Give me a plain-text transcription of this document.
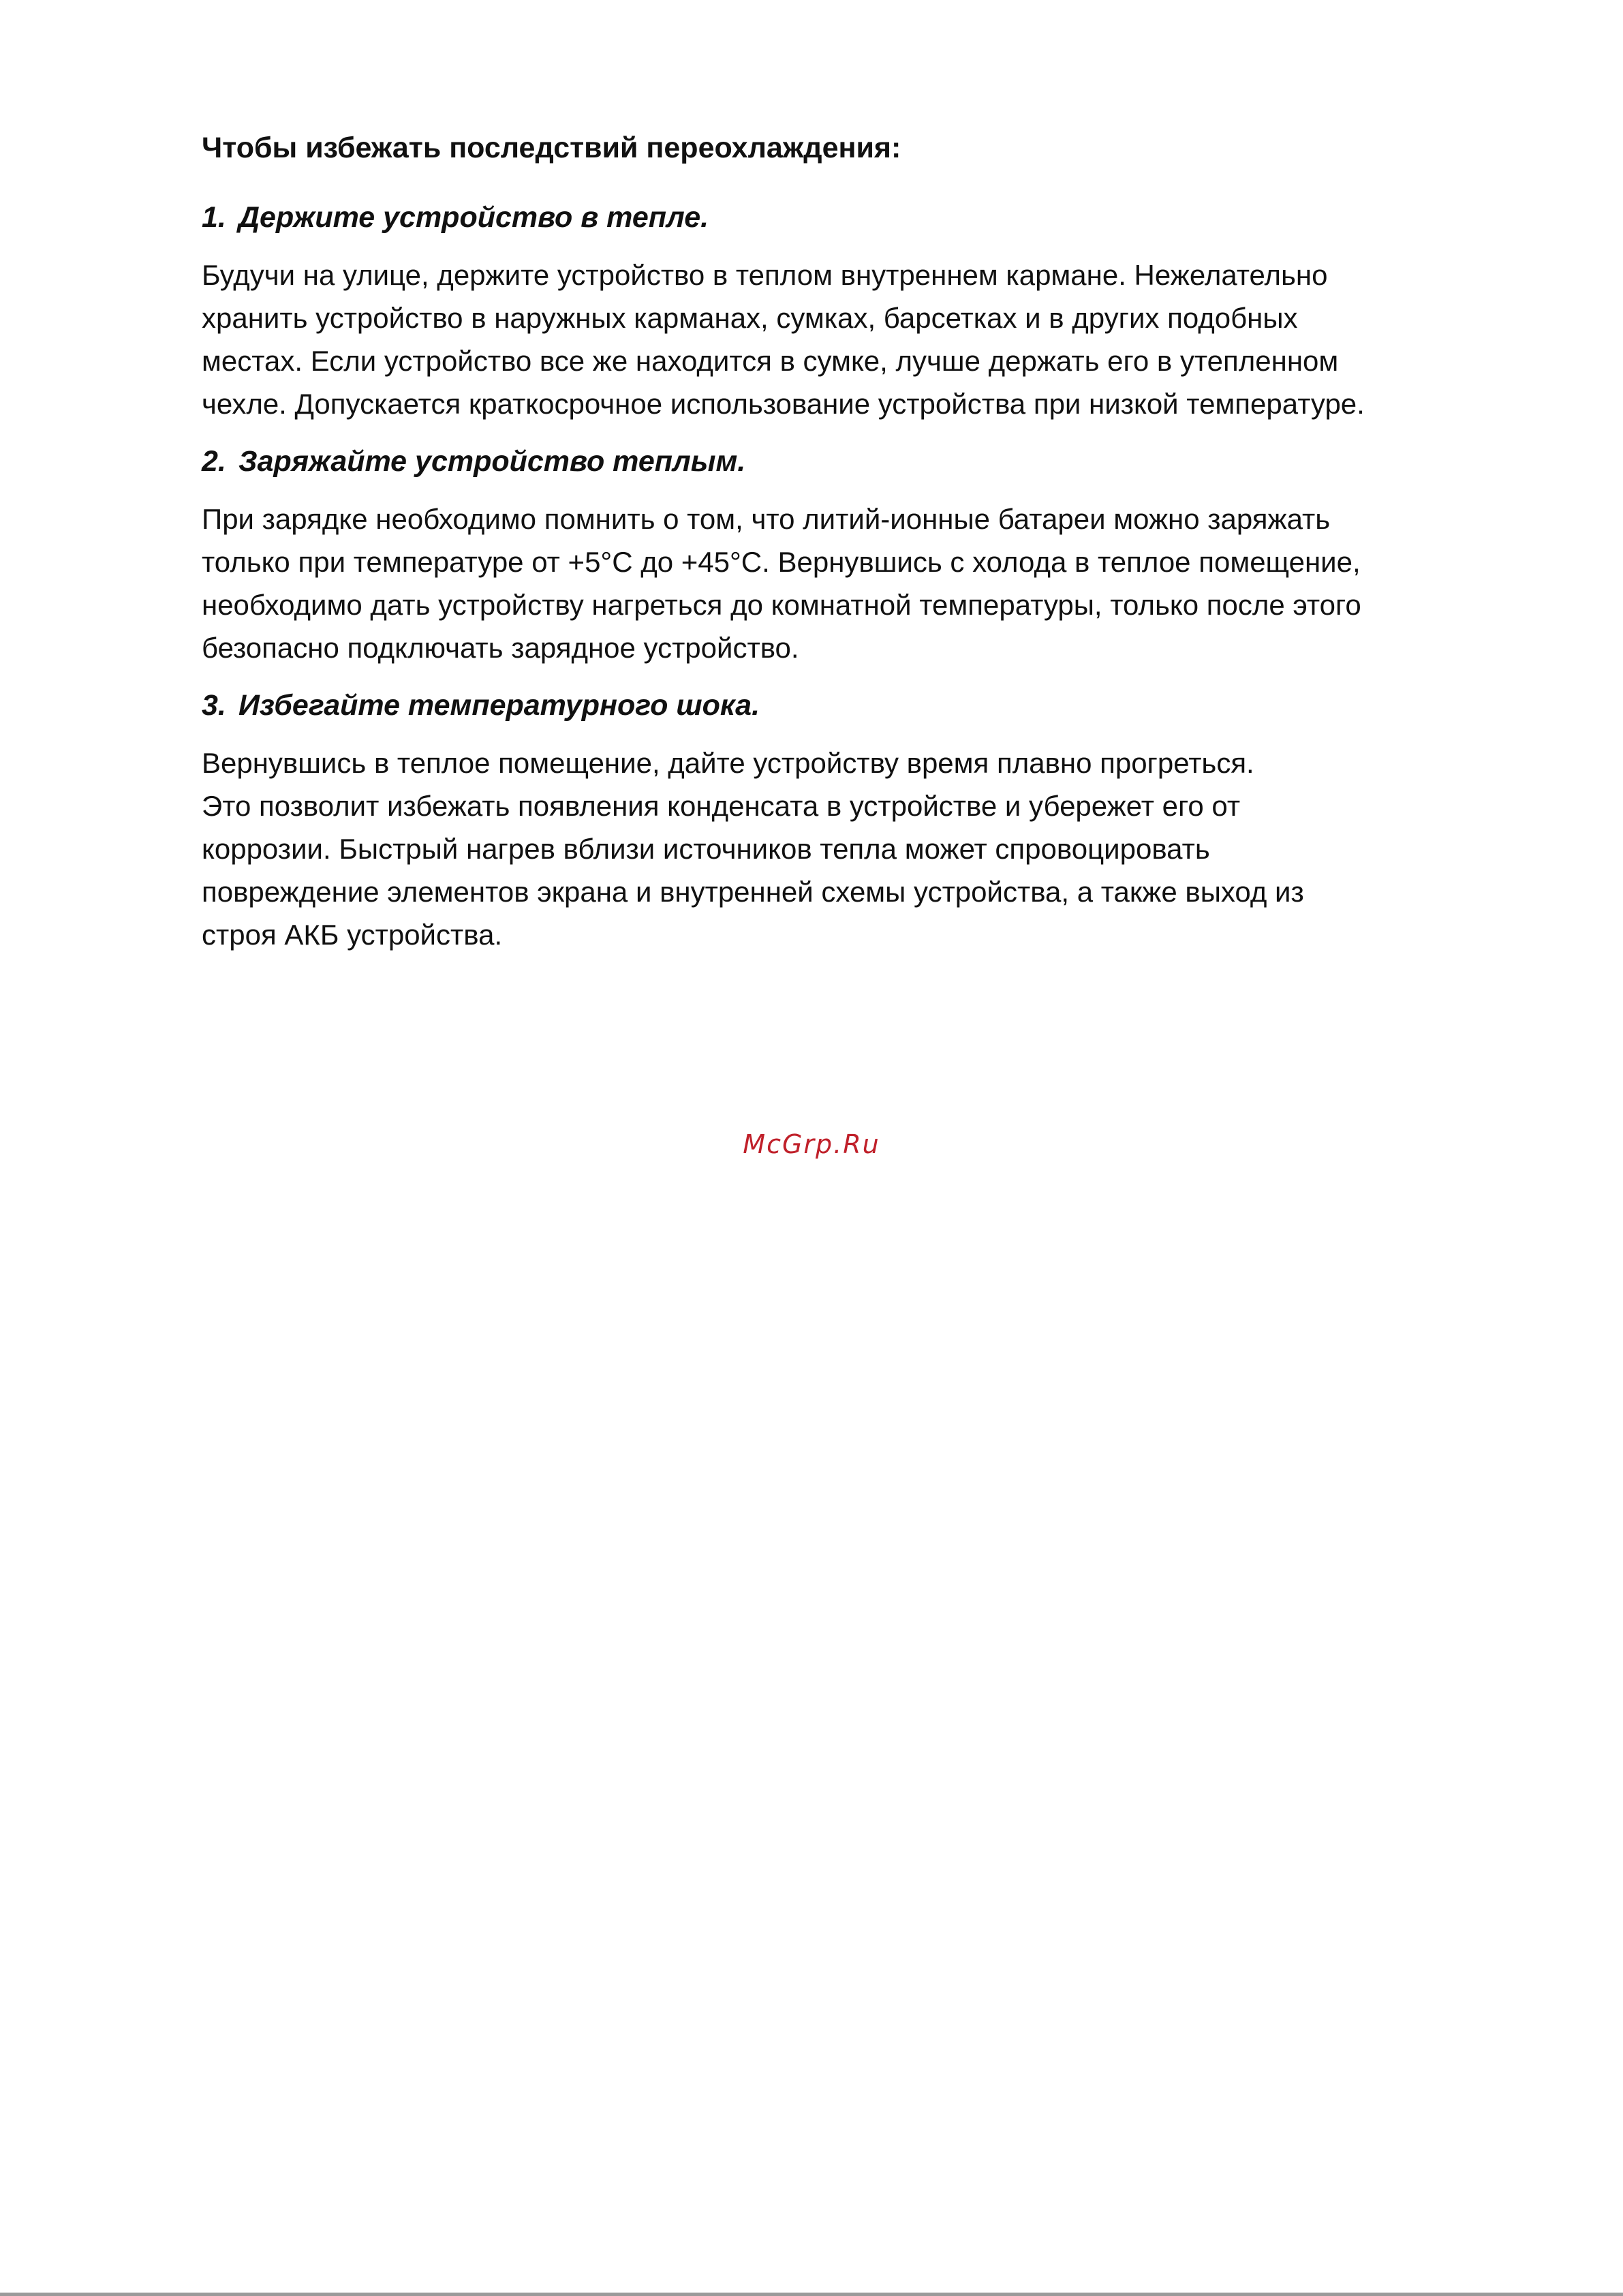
Чтобы избежать последствий переохлаждения:
1. Держите устройство в тепле.
Будучи на улице, держите устройство в теплом внутреннем кармане. Нежелательно
хранить устройство в наружных карманах, сумках, барсетках и в других подобных
местах. Если устройство все же находится в сумке, лучше держать его в утепленном
чехле. Допускается краткосрочное использование устройства при низкой температуре.
2. Заряжайте устройство теплым.
При зарядке необходимо помнить о том, что литий-ионные батареи можно заряжать
только при температуре от +5°С до +45°С. Вернувшись с холода в теплое помещение,
необходимо дать устройству нагреться до комнатной температуры, только после этого
безопасно подключать зарядное устройство.
3. Избегайте температурного шока.
Вернувшись в теплое помещение, дайте устройству время плавно прогреться.
Это позволит избежать появления конденсата в устройстве и убережет его от
коррозии. Быстрый нагрев вблизи источников тепла может спровоцировать
повреждение элементов экрана и внутренней схемы устройства, а также выход из
строя АКБ устройства.
McGrp.Ru
